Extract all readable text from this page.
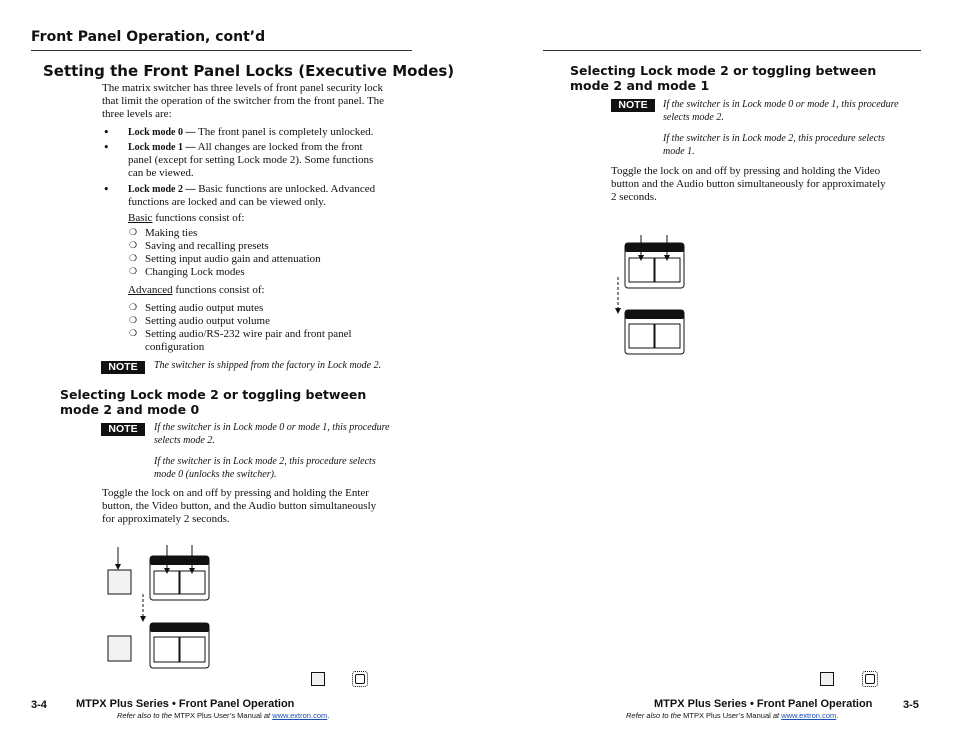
Front Panel Operation, cont’d
Setting the Front Panel Locks (Executive Modes)
The matrix switcher has three levels of front panel security lock
that limit the operation of the switcher from the front panel. The
three levels are:
• Lock mode 0 — The front panel is completely unlocked.
• Lock mode 1 — All changes are locked from the front
panel (except for setting Lock mode 2). Some functions
can be viewed.
• Lock mode 2 — Basic functions are unlocked. Advanced
functions are locked and can be viewed only.
Basic functions consist of:
❍ Making ties
❍ Saving and recalling presets
❍ Setting input audio gain and attenuation
❍ Changing Lock modes
Advanced functions consist of:
❍ Setting audio output mutes
❍ Setting audio output volume
❍ Setting audio/RS-232 wire pair and front panel
configuration
NOTE	The switcher is shipped from the factory in Lock mode 2.
Selecting Lock mode 2 or toggling between
mode 2 and mode 0
NOTE	If the switcher is in Lock mode 0 or mode 1, this procedure
selects mode 2.
If the switcher is in Lock mode 2, this procedure selects
mode 0 (unlocks the switcher).
Toggle the lock on and off by pressing and holding the Enter
button, the Video button, and the Audio button simultaneously
for approximately 2 seconds.
3-4	MTPX Plus Series • Front Panel Operation
Refer also to the MTPX Plus User’s Manual at www.extron.com.
Selecting Lock mode 2 or toggling between
mode 2 and mode 1
NOTE	If the switcher is in Lock mode 0 or mode 1, this procedure
selects mode 2.
If the switcher is in Lock mode 2, this procedure selects
mode 1.
Toggle the lock on and off by pressing and holding the Video
button and the Audio button simultaneously for approximately
2 seconds.
MTPX Plus Series • Front Panel Operation	3-5
Refer also to the MTPX Plus User’s Manual at www.extron.com.
